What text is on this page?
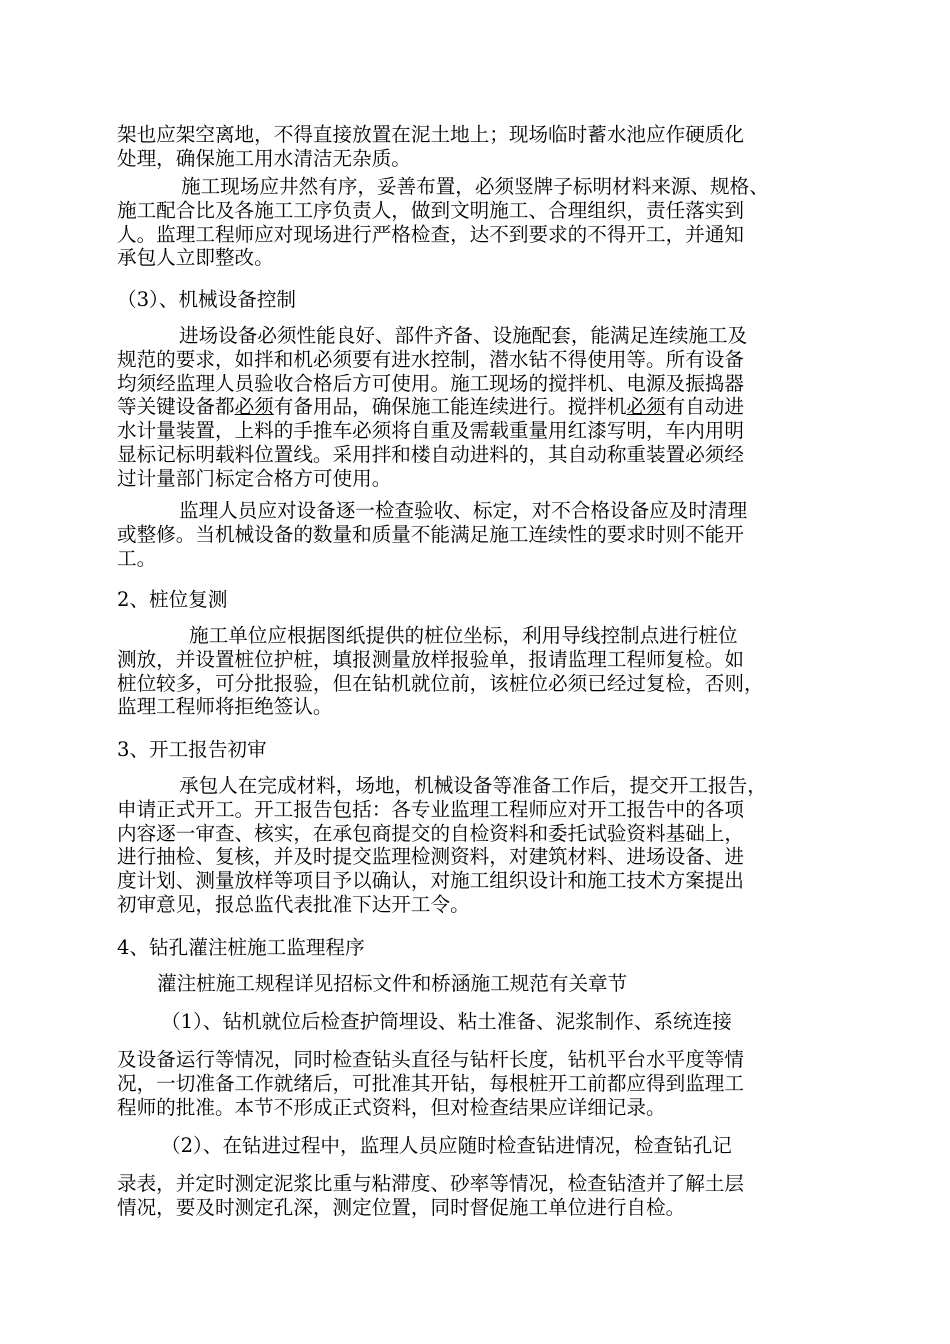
架也应架空离地，不得直接放置在泥土地上；现场临时蓄水池应作硬质化
处理，确保施工用水清洁无杂质。
施工现场应井然有序，妥善布置，必须竖牌子标明材料来源、规格、
施工配合比及各施工工序负责人，做到文明施工、合理组织，责任落实到
人。监理工程师应对现场进行严格检查，达不到要求的不得开工，并通知
承包人立即整改。
（3）、机械设备控制
进场设备必须性能良好、部件齐备、设施配套，能满足连续施工及
规范的要求，如拌和机必须要有进水控制，潜水钻不得使用等。所有设备
均须经监理人员验收合格后方可使用。施工现场的搅拌机、电源及振捣器
等关键设备都必须有备用品，确保施工能连续进行。搅拌机必须有自动进
水计量装置，上料的手推车必须将自重及需载重量用红漆写明，车内用明
显标记标明载料位置线。采用拌和楼自动进料的，其自动称重装置必须经
过计量部门标定合格方可使用。
监理人员应对设备逐一检查验收、标定，对不合格设备应及时清理
或整修。当机械设备的数量和质量不能满足施工连续性的要求时则不能开
工。
2、桩位复测
施工单位应根据图纸提供的桩位坐标，利用导线控制点进行桩位
测放，并设置桩位护桩，填报测量放样报验单，报请监理工程师复检。如
桩位较多，可分批报验，但在钻机就位前，该桩位必须已经过复检，否则，
监理工程师将拒绝签认。
3、开工报告初审
承包人在完成材料，场地，机械设备等准备工作后，提交开工报告，
申请正式开工。开工报告包括：各专业监理工程师应对开工报告中的各项
内容逐一审查、核实，在承包商提交的自检资料和委托试验资料基础上，
进行抽检、复核，并及时提交监理检测资料，对建筑材料、进场设备、进
度计划、测量放样等项目予以确认，对施工组织设计和施工技术方案提出
初审意见，报总监代表批准下达开工令。
4、钻孔灌注桩施工监理程序
灌注桩施工规程详见招标文件和桥涵施工规范有关章节
（1）、钻机就位后检查护筒埋设、粘土准备、泥浆制作、系统连接
及设备运行等情况，同时检查钻头直径与钻杆长度，钻机平台水平度等情
况，一切准备工作就绪后，可批准其开钻，每根桩开工前都应得到监理工
程师的批准。本节不形成正式资料，但对检查结果应详细记录。
（2）、在钻进过程中，监理人员应随时检查钻进情况，检查钻孔记
录表，并定时测定泥浆比重与粘滞度、砂率等情况，检查钻渣并了解土层
情况，要及时测定孔深，测定位置，同时督促施工单位进行自检。
